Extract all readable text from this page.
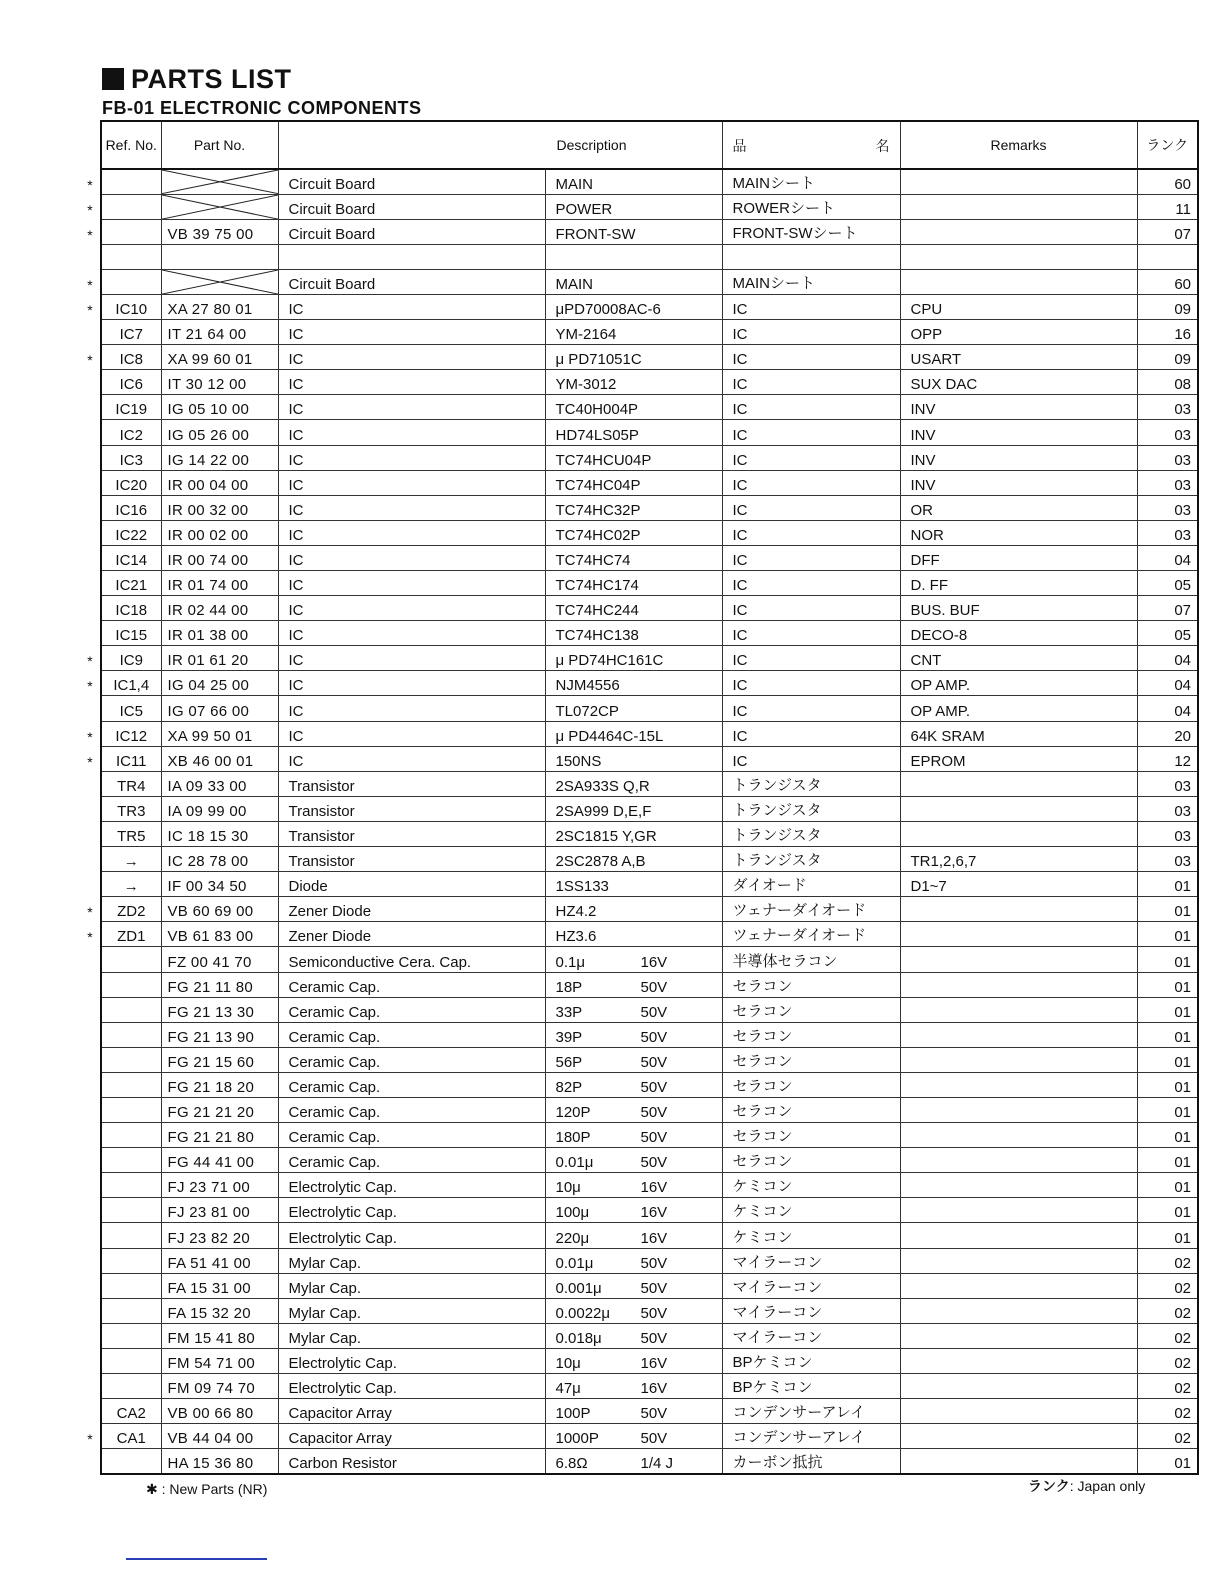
PARTS LIST
FB-01 ELECTRONIC COMPONENTS
Ref. No.	Part No.	Description		品 名	Remarks	ランク

*		Circuit Board	MAIN	MAINシート		60

*		Circuit Board	POWER	ROWERシート		11

*	VB 39 75 00	Circuit Board	FRONT-SW	FRONT-SWシート		07

*		Circuit Board	MAIN	MAINシート		60

* IC10	XA 27 80 01	IC	μPD70008AC-6	IC	CPU	09

IC7	IT 21 64 00	IC	YM-2164	IC	OPP	16

* IC8	XA 99 60 01	IC	μ PD71051C	IC	USART	09

IC6	IT 30 12 00	IC	YM-3012	IC	SUX DAC	08

IC19	IG 05 10 00	IC	TC40H004P	IC	INV	03

IC2	IG 05 26 00	IC	HD74LS05P	IC	INV	03

IC3	IG 14 22 00	IC	TC74HCU04P	IC	INV	03

IC20	IR 00 04 00	IC	TC74HC04P	IC	INV	03

IC16	IR 00 32 00	IC	TC74HC32P	IC	OR	03

IC22	IR 00 02 00	IC	TC74HC02P	IC	NOR	03

IC14	IR 00 74 00	IC	TC74HC74	IC	DFF	04

IC21	IR 01 74 00	IC	TC74HC174	IC	D. FF	05

IC18	IR 02 44 00	IC	TC74HC244	IC	BUS. BUF	07

IC15	IR 01 38 00	IC	TC74HC138	IC	DECO-8	05

* IC9	IR 01 61 20	IC	μ PD74HC161C	IC	CNT	04

* IC1,4	IG 04 25 00	IC	NJM4556	IC	OP AMP.	04

IC5	IG 07 66 00	IC	TL072CP	IC	OP AMP.	04

* IC12	XA 99 50 01	IC	μ PD4464C-15L	IC	64K SRAM	20

* IC11	XB 46 00 01	IC	150NS	IC	EPROM	12

TR4	IA 09 33 00	Transistor	2SA933S Q,R	トランジスタ		03

TR3	IA 09 99 00	Transistor	2SA999 D,E,F	トランジスタ		03

TR5	IC 18 15 30	Transistor	2SC1815 Y,GR	トランジスタ		03

→	IC 28 78 00	Transistor	2SC2878 A,B	トランジスタ	TR1,2,6,7	03

→	IF 00 34 50	Diode	1SS133	ダイオード	D1~7	01

* ZD2	VB 60 69 00	Zener Diode	HZ4.2	ツェナーダイオード		01

* ZD1	VB 61 83 00	Zener Diode	HZ3.6	ツェナーダイオード		01

	FZ 00 41 70	Semiconductive Cera. Cap.	0.1μ 16V	半導体セラコン		01

	FG 21 11 80	Ceramic Cap.	18P 50V	セラコン		01

	FG 21 13 30	Ceramic Cap.	33P 50V	セラコン		01

	FG 21 13 90	Ceramic Cap.	39P 50V	セラコン		01

	FG 21 15 60	Ceramic Cap.	56P 50V	セラコン		01

	FG 21 18 20	Ceramic Cap.	82P 50V	セラコン		01

	FG 21 21 20	Ceramic Cap.	120P 50V	セラコン		01

	FG 21 21 80	Ceramic Cap.	180P 50V	セラコン		01

	FG 44 41 00	Ceramic Cap.	0.01μ 50V	セラコン		01

	FJ 23 71 00	Electrolytic Cap.	10μ 16V	ケミコン		01

	FJ 23 81 00	Electrolytic Cap.	100μ 16V	ケミコン		01

	FJ 23 82 20	Electrolytic Cap.	220μ 16V	ケミコン		01

	FA 51 41 00	Mylar Cap.	0.01μ 50V	マイラーコン		02

	FA 15 31 00	Mylar Cap.	0.001μ 50V	マイラーコン		02

	FA 15 32 20	Mylar Cap.	0.0022μ 50V	マイラーコン		02

	FM 15 41 80	Mylar Cap.	0.018μ 50V	マイラーコン		02

	FM 54 71 00	Electrolytic Cap.	10μ 16V	BPケミコン		02

	FM 09 74 70	Electrolytic Cap.	47μ 16V	BPケミコン		02

CA2	VB 00 66 80	Capacitor Array	100P 50V	コンデンサーアレイ		02

* CA1	VB 44 04 00	Capacitor Array	1000P 50V	コンデンサーアレイ		02

	HA 15 36 80	Carbon Resistor	6.8Ω 1/4 J	カーボン抵抗		01
✱ : New Parts (NR)	ランク: Japan only
